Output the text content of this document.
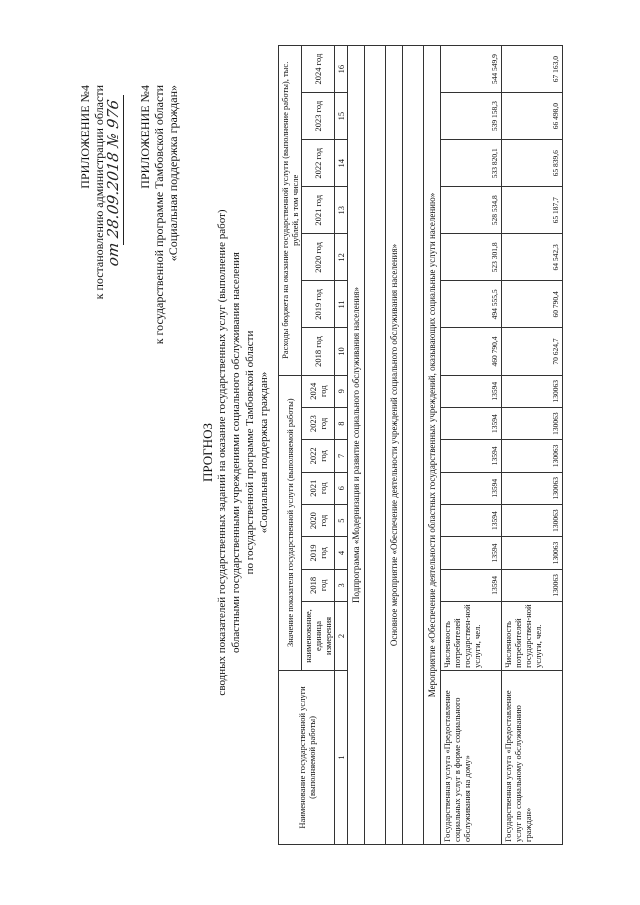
ПРИЛОЖЕНИЕ №4 к постановлению администрации области
от 28.09.2018 № 976 ПРИЛОЖЕНИЕ №4 к государственной программе Тамбовской области «Социальная поддержка граждан»
ПРОГНОЗ сводных показателей государственных заданий на оказание государственных услуг (выполнение работ) областными государственными учреждениями социального обслуживания населения по государственной программе Тамбовской области «Социальная поддержка граждан»
Наименование государственной услуги (выполняемой работы)	Значение показателя государственной услуги (выполняемой работы)								Расходы бюджета на оказание государственной услуги (выполнение работы), тыс. рублей, в том числе						
	наименование, единица измерения	2018 год	2019 год	2020 год	2021 год	2022 год	2023 год	2024 год	2018 год	2019 год	2020 год	2021 год	2022 год	2023 год	2024 год
1	2	3	4	5	6	7	8	9	10	11	12	13	14	15	16
Подпрограмма «Модернизация и развитие социального обслуживания населения»															

Основное мероприятие «Обеспечение деятельности учреждений социального обслуживания населения»															

Мероприятие «Обеспечение деятельности областных государственных учреждений, оказывающих социальные услуги населению»															
Государственная услуга «Предоставление социальных услуг в форме социального обслуживания на дому»	Численность потребителей государствен-ной услуги, чел.	13594	13594	13594	13594	13594	13594	13594	460 790,4	494 555,5	523 301,8	528 534,8	533 820,1	539 158,3	544 549,9
Государственная услуга «Предоставление услуг по социальному обслуживанию граждан»	Численность потребителей государствен-ной услуги, чел.	130063	130063	130063	130063	130063	130063	130063	70 624,7	60 790,4	64 542,3	65 187,7	65 839,6	66 498,0	67 163,0
